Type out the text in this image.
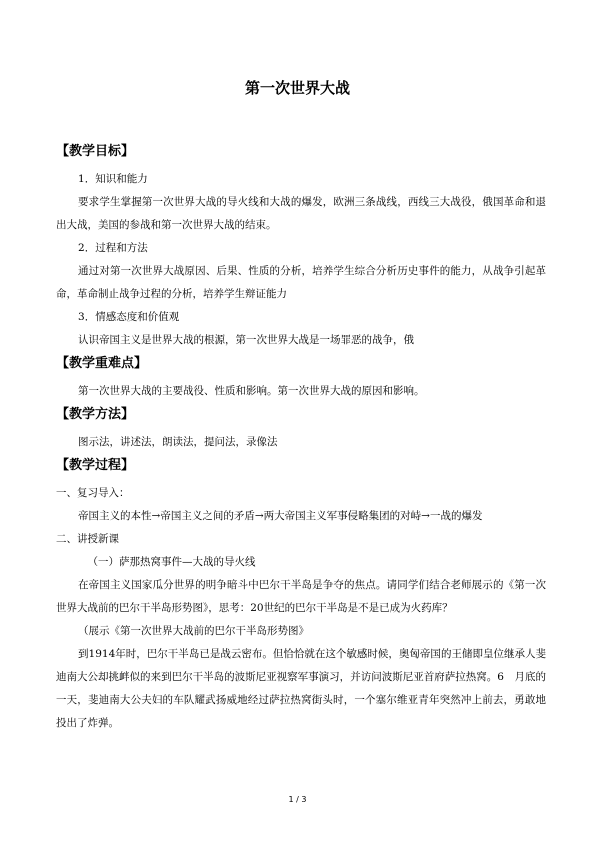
第一次世界大战
【教学目标】
1．知识和能力
要求学生掌握第一次世界大战的导火线和大战的爆发，欧洲三条战线，西线三大战役，俄国革命和退出大战，美国的参战和第一次世界大战的结束。
2．过程和方法
通过对第一次世界大战原因、后果、性质的分析，培养学生综合分析历史事件的能力，从战争引起革命，革命制止战争过程的分析，培养学生辩证能力
3．情感态度和价值观
认识帝国主义是世界大战的根源，第一次世界大战是一场罪恶的战争，俄
【教学重难点】
第一次世界大战的主要战役、性质和影响。第一次世界大战的原因和影响。
【教学方法】
图示法，讲述法，朗读法，提问法，录像法
【教学过程】
一、复习导入：
帝国主义的本性→帝国主义之间的矛盾→两大帝国主义军事侵略集团的对峙→一战的爆发
二、讲授新课
（一）萨那热窝事件—大战的导火线
在帝国主义国家瓜分世界的明争暗斗中巴尔干半岛是争夺的焦点。请同学们结合老师展示的《第一次世界大战前的巴尔干半岛形势图》，思考：20世纪的巴尔干半岛是不是已成为火药库？
（展示《第一次世界大战前的巴尔干半岛形势图》
到1914年时，巴尔干半岛已是战云密布。但恰恰就在这个敏感时候，奥匈帝国的王储即皇位继承人斐迪南大公却挑衅似的来到巴尔干半岛的波斯尼亚视察军事演习，并访问波斯尼亚首府萨拉热窝。6　月底的一天，斐迪南大公夫妇的车队耀武扬威地经过萨拉热窝街头时，一个塞尔维亚青年突然冲上前去，勇敢地投出了炸弹。
1 / 3
